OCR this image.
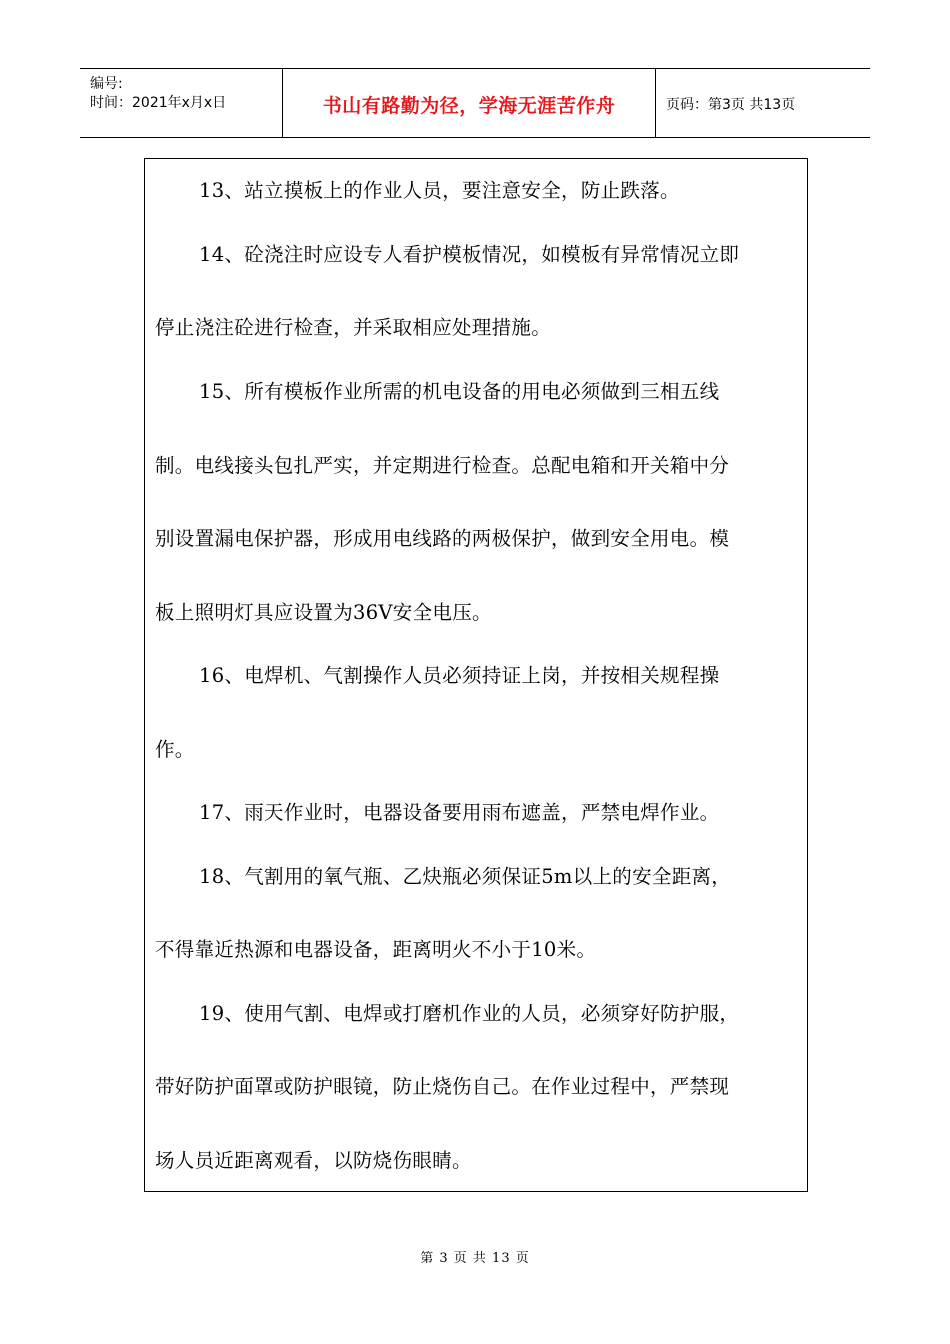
编号:
时间：2021年x月x日	书山有路勤为径，学海无涯苦作舟	页码：第3页 共13页
13、站立摸板上的作业人员，要注意安全，防止跌落。
14、砼浇注时应设专人看护模板情况，如模板有异常情况立即
停止浇注砼进行检查，并采取相应处理措施。
15、所有模板作业所需的机电设备的用电必须做到三相五线
制。电线接头包扎严实，并定期进行检查。总配电箱和开关箱中分
别设置漏电保护器，形成用电线路的两极保护，做到安全用电。模
板上照明灯具应设置为36V安全电压。
16、电焊机、气割操作人员必须持证上岗，并按相关规程操
作。
17、雨天作业时，电器设备要用雨布遮盖，严禁电焊作业。
18、气割用的氧气瓶、乙炔瓶必须保证5m以上的安全距离，
不得靠近热源和电器设备，距离明火不小于10米。
19、使用气割、电焊或打磨机作业的人员，必须穿好防护服，
带好防护面罩或防护眼镜，防止烧伤自己。在作业过程中，严禁现
场人员近距离观看，以防烧伤眼睛。
第 3 页 共 13 页
